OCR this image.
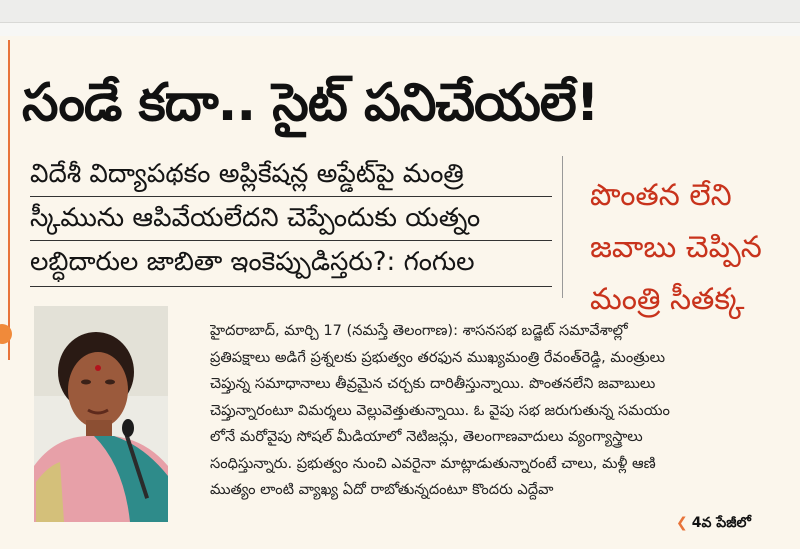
సండే కదా.. సైట్ పనిచేయలే!
విదేశీ విద్యాపథకం అప్లికేషన్ల అప్డేట్‌పై మంత్రి
స్కీమును ఆపివేయలేదని చెప్పేందుకు యత్నం
లబ్ధిదారుల జాబితా ఇంకెప్పుడిస్తరు?: గంగుల
పొంతన లేని
జవాబు చెప్పిన
మంత్రి సీతక్క
హైదరాబాద్, మార్చి 17 (నమస్తే తెలంగాణ): శాసనసభ బడ్జెట్ సమావేశాల్లో
ప్రతిపక్షాలు అడిగే ప్రశ్నలకు ప్రభుత్వం తరఫున ముఖ్యమంత్రి రేవంత్‌రెడ్డి, మంత్రులు
చెప్తున్న సమాధానాలు తీవ్రమైన చర్చకు దారితీస్తున్నాయి. పొంతనలేని జవాబులు
చెప్తున్నారంటూ విమర్శలు వెల్లువెత్తుతున్నాయి. ఓ వైపు సభ జరుగుతున్న సమయం
లోనే మరోవైపు సోషల్ మీడియాలో నెటిజన్లు, తెలంగాణవాదులు వ్యంగ్యాస్త్రాలు
సంధిస్తున్నారు. ప్రభుత్వం నుంచి ఎవరైనా మాట్లాడుతున్నారంటే చాలు, మళ్లీ ఆణి
ముత్యం లాంటి వ్యాఖ్య ఏదో రాబోతున్నదంటూ కొందరు ఎద్దేవా
❮ 4వ పేజీలో
